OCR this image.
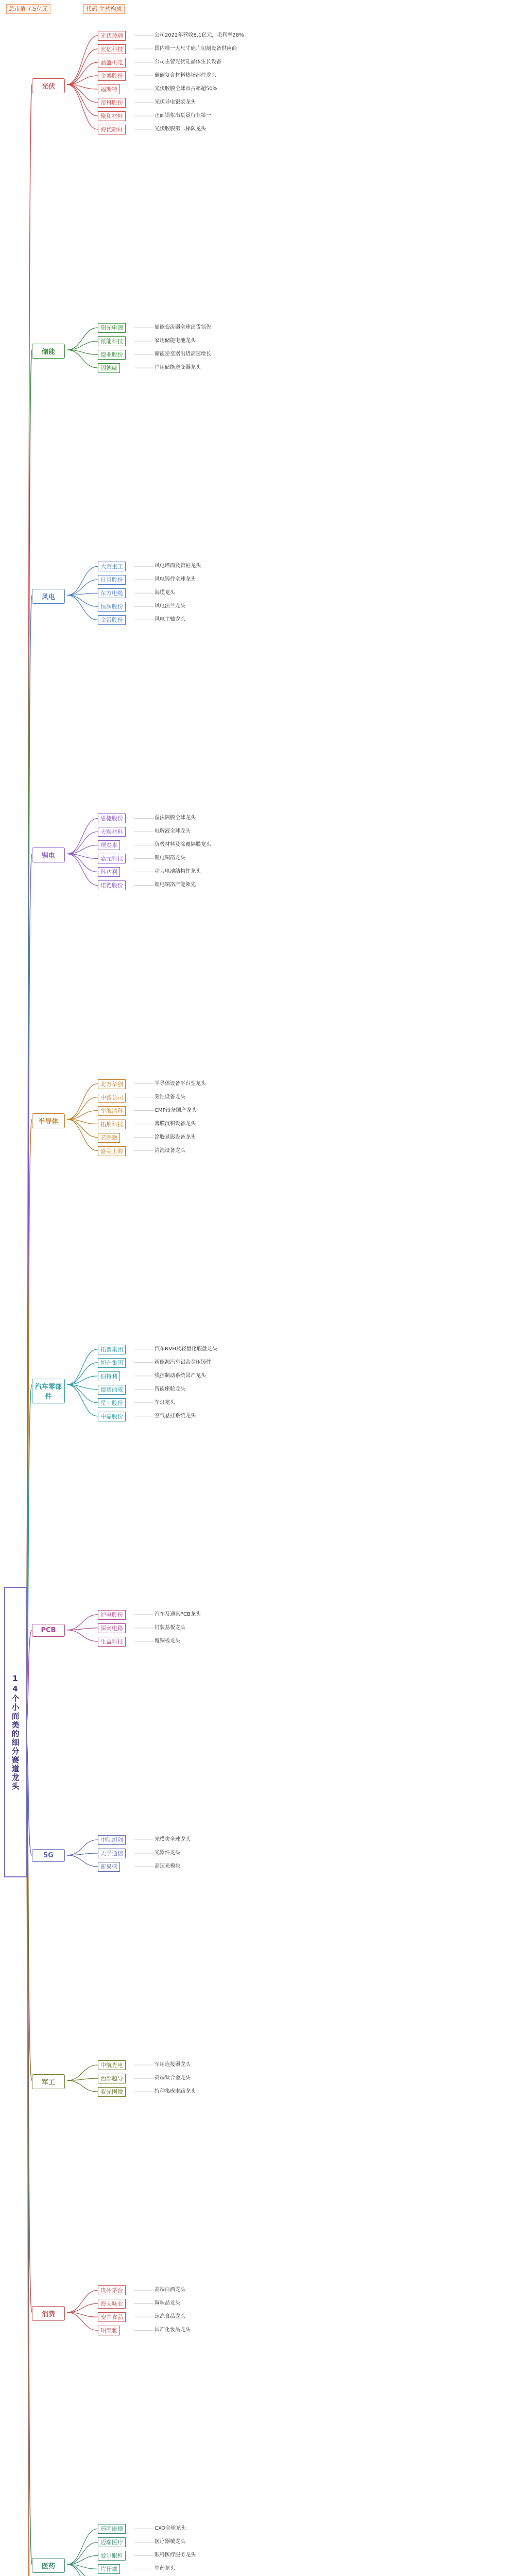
14个小而美的细分赛道龙头
总市值 7.5亿元	代码 主营构成
光伏玻璃	公司2022年营收8.1亿元，毛利率28%
宏亿科技	国内唯一大尺寸硅片切割设备供应商
晶盛机电	公司主营光伏硅晶体生长设备
金博股份	碳碳复合材料热场部件龙头
福斯特	光伏胶膜全球市占率超50%
帝科股份	光伏导电银浆龙头
聚和材料	正面银浆出货量行业第一
海优新材	光伏胶膜第二梯队龙头
光伏
阳光电源	储能变流器全球出货领先
派能科技	家用储能电池龙头
德业股份	储能逆变器出货高速增长
固德威	户用储能逆变器龙头
储能
大金重工	风电塔筒及管桩龙头
日月股份	风电铸件全球龙头
东方电缆	海缆龙头
恒润股份	风电法兰龙头
金雷股份	风电主轴龙头
风电
恩捷股份	湿法隔膜全球龙头
天赐材料	电解液全球龙头
璞泰来	负极材料及涂覆隔膜龙头
嘉元科技	锂电铜箔龙头
科达利	动力电池结构件龙头
诺德股份	锂电铜箔产能领先
锂电
北方华创	半导体设备平台型龙头
中微公司	刻蚀设备龙头
华海清科	CMP设备国产龙头
拓荆科技	薄膜沉积设备龙头
芯源微	涂胶显影设备龙头
盛美上海	清洗设备龙头
半导体
拓普集团	汽车NVH及轻量化底盘龙头
旭升集团	新能源汽车铝合金压铸件
伯特利	线控制动系统国产龙头
德赛西威	智能座舱龙头
星宇股份	车灯龙头
中鼎股份	空气悬挂系统龙头
汽车零部件
沪电股份	汽车及通讯PCB龙头
深南电路	封装基板龙头
生益科技	覆铜板龙头
PCB
中际旭创	光模块全球龙头
天孚通信	光器件龙头
新易盛	高速光模块
5G
中航光电	军用连接器龙头
西部超导	高端钛合金龙头
紫光国微	特种集成电路龙头
军工
贵州茅台	高端白酒龙头
海天味业	调味品龙头
安井食品	速冻食品龙头
珀莱雅	国产化妆品龙头
消费
药明康德	CXO全球龙头
迈瑞医疗	医疗器械龙头
爱尔眼科	眼科医疗服务龙头
片仔癀	中药龙头
医药
